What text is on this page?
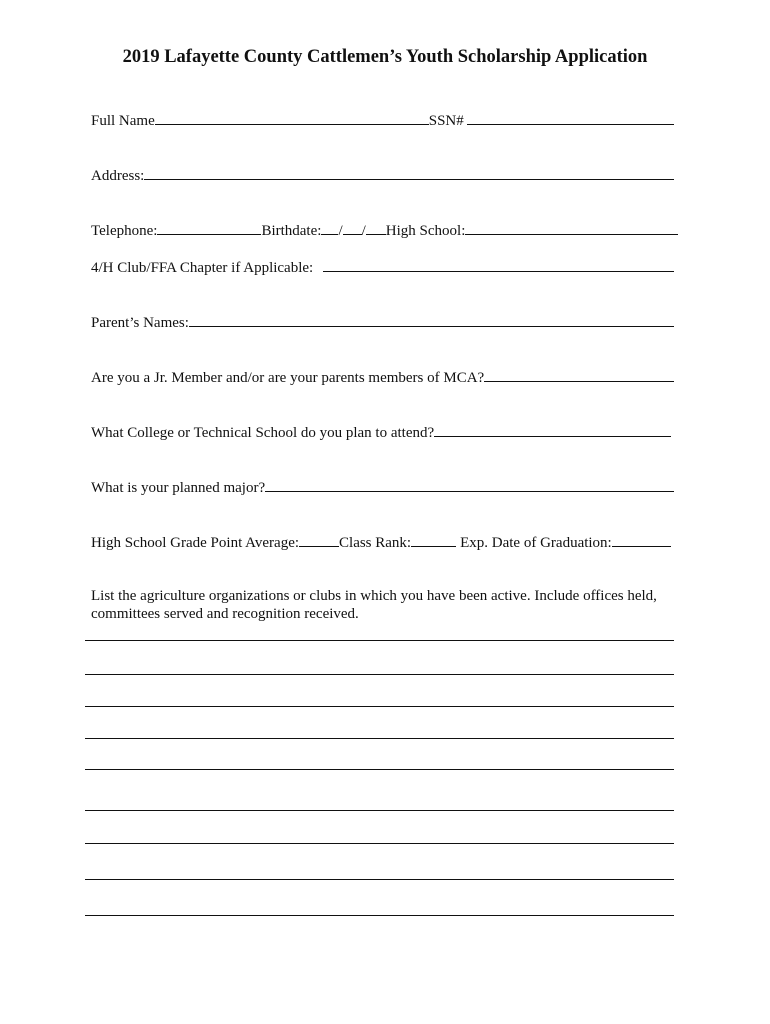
2019 Lafayette County Cattlemen’s Youth Scholarship Application
Full Name	SSN#
Address:
Telephone:	Birthdate: / / High School:
4/H Club/FFA Chapter if Applicable:
Parent’s Names:
Are you a Jr. Member and/or are your parents members of MCA?
What College or Technical School do you plan to attend?
What is your planned major?
High School Grade Point Average:	Class Rank:	Exp. Date of Graduation:
List the agriculture organizations or clubs in which you have been active. Include offices held, committees served and recognition received.
